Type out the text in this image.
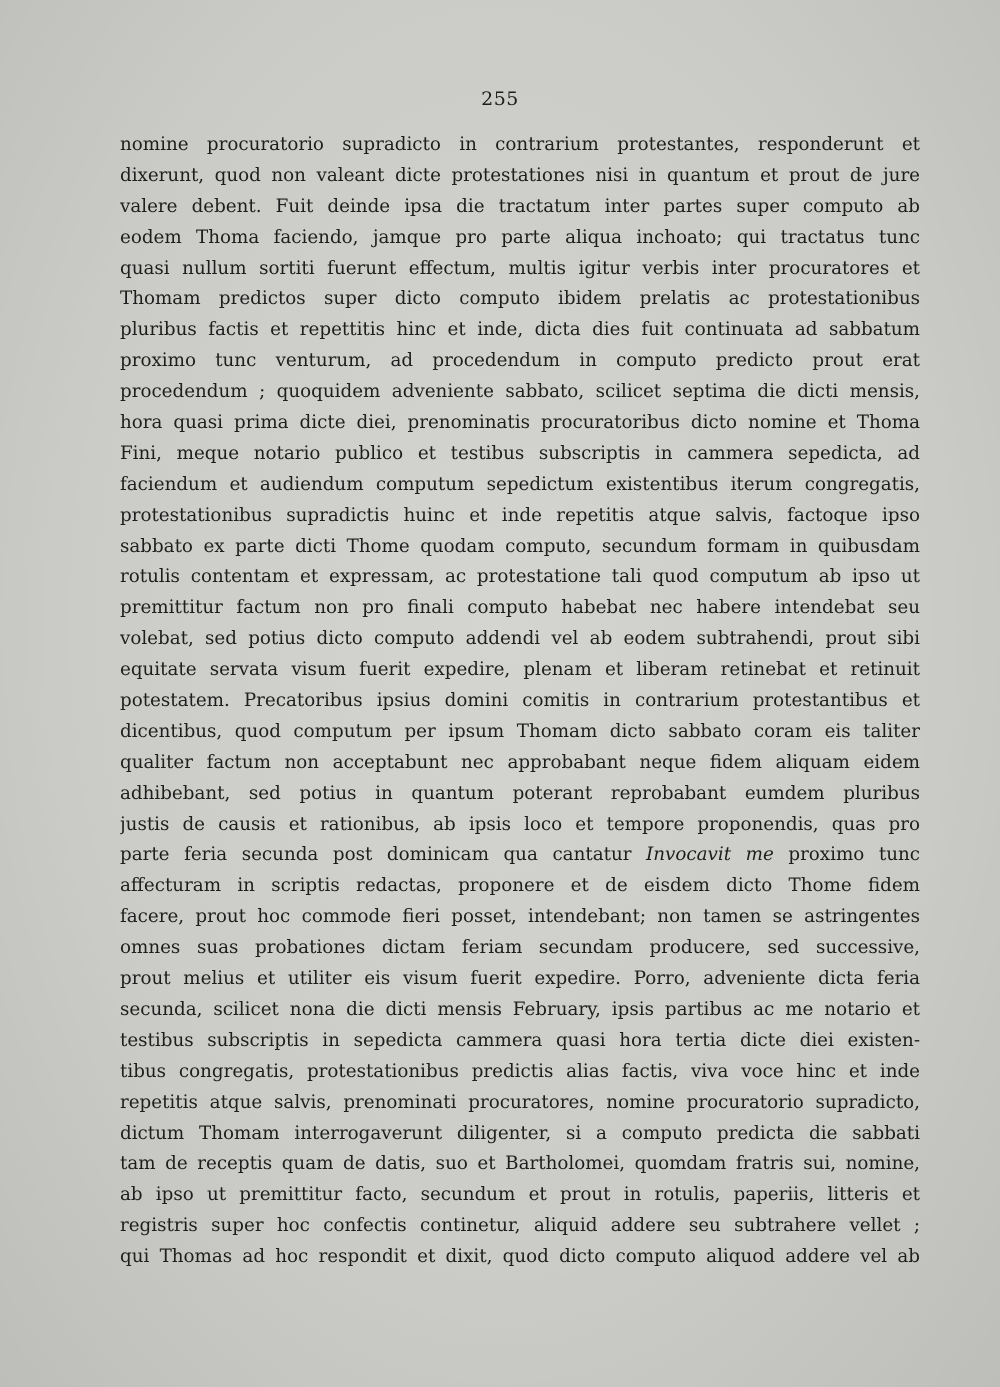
255
nomine procuratorio supradicto in contrarium protestantes, responderunt et
dixerunt, quod non valeant dicte protestationes nisi in quantum et prout de jure
valere debent. Fuit deinde ipsa die tractatum inter partes super computo ab
eodem Thoma faciendo, jamque pro parte aliqua inchoato; qui tractatus tunc
quasi nullum sortiti fuerunt effectum, multis igitur verbis inter procuratores et
Thomam predictos super dicto computo ibidem prelatis ac protestationibus
pluribus factis et repettitis hinc et inde, dicta dies fuit continuata ad sabbatum
proximo tunc venturum, ad procedendum in computo predicto prout erat
procedendum ; quoquidem adveniente sabbato, scilicet septima die dicti mensis,
hora quasi prima dicte diei, prenominatis procuratoribus dicto nomine et Thoma
Fini, meque notario publico et testibus subscriptis in cammera sepedicta, ad
faciendum et audiendum computum sepedictum existentibus iterum congregatis,
protestationibus supradictis huinc et inde repetitis atque salvis, factoque ipso
sabbato ex parte dicti Thome quodam computo, secundum formam in quibusdam
rotulis contentam et expressam, ac protestatione tali quod computum ab ipso ut
premittitur factum non pro finali computo habebat nec habere intendebat seu
volebat, sed potius dicto computo addendi vel ab eodem subtrahendi, prout sibi
equitate servata visum fuerit expedire, plenam et liberam retinebat et retinuit
potestatem. Precatoribus ipsius domini comitis in contrarium protestantibus et
dicentibus, quod computum per ipsum Thomam dicto sabbato coram eis taliter
qualiter factum non acceptabunt nec approbabant neque fidem aliquam eidem
adhibebant, sed potius in quantum poterant reprobabant eumdem pluribus
justis de causis et rationibus, ab ipsis loco et tempore proponendis, quas pro
parte feria secunda post dominicam qua cantatur Invocavit me proximo tunc
affecturam in scriptis redactas, proponere et de eisdem dicto Thome fidem
facere, prout hoc commode fieri posset, intendebant; non tamen se astringentes
omnes suas probationes dictam feriam secundam producere, sed successive,
prout melius et utiliter eis visum fuerit expedire. Porro, adveniente dicta feria
secunda, scilicet nona die dicti mensis February, ipsis partibus ac me notario et
testibus subscriptis in sepedicta cammera quasi hora tertia dicte diei existen-
tibus congregatis, protestationibus predictis alias factis, viva voce hinc et inde
repetitis atque salvis, prenominati procuratores, nomine procuratorio supradicto,
dictum Thomam interrogaverunt diligenter, si a computo predicta die sabbati
tam de receptis quam de datis, suo et Bartholomei, quomdam fratris sui, nomine,
ab ipso ut premittitur facto, secundum et prout in rotulis, paperiis, litteris et
registris super hoc confectis continetur, aliquid addere seu subtrahere vellet ;
qui Thomas ad hoc respondit et dixit, quod dicto computo aliquod addere vel ab
